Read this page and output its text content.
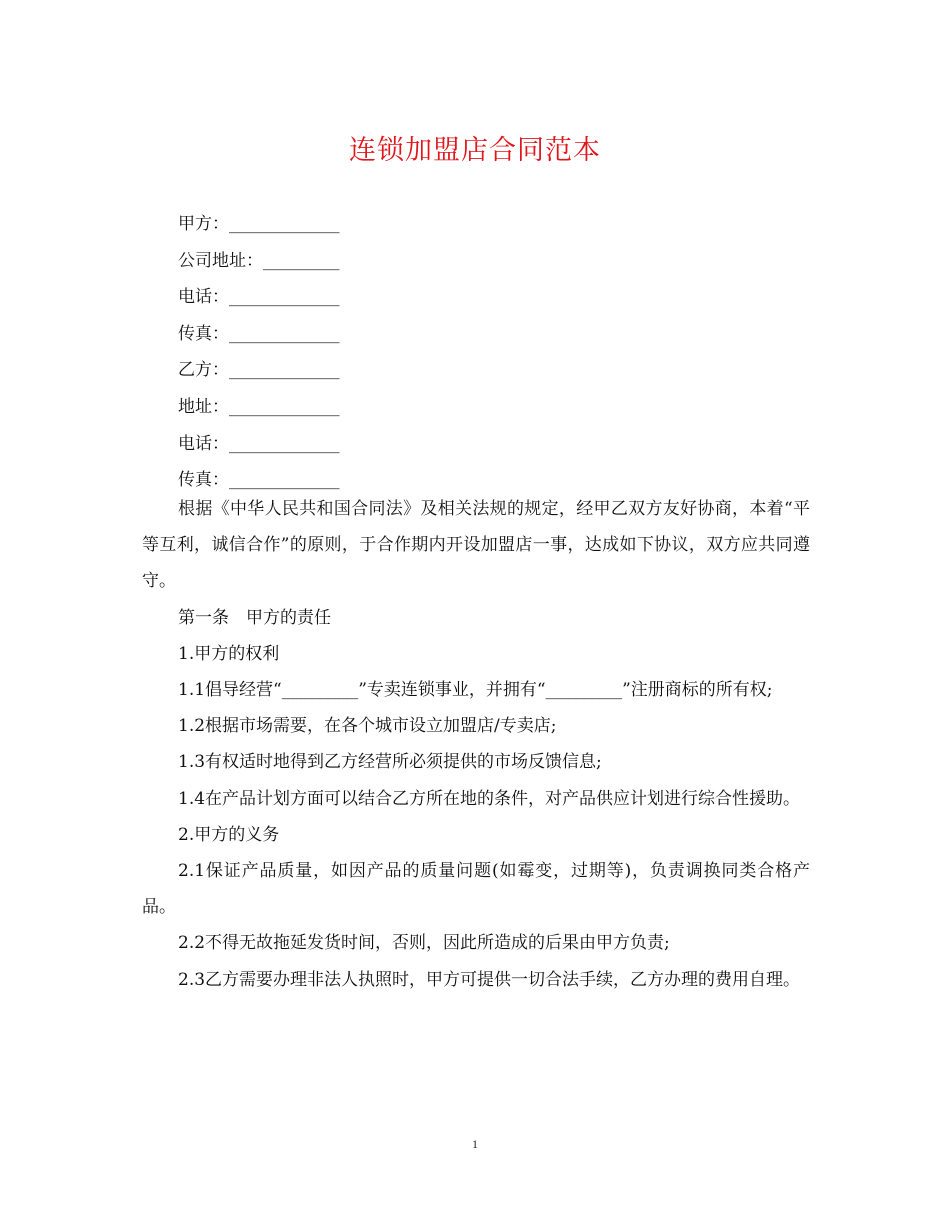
连锁加盟店合同范本
甲方：_____________
公司地址：_________
电话：_____________
传真：_____________
乙方：_____________
地址：_____________
电话：_____________
传真：_____________

根据《中华人民共和国合同法》及相关法规的规定，经甲乙双方友好协商，本着“平等互利，诚信合作”的原则，于合作期内开设加盟店一事，达成如下协议，双方应共同遵守。

第一条　甲方的责任

1.甲方的权利

1.1倡导经营“_________”专卖连锁事业，并拥有“_________”注册商标的所有权;

1.2根据市场需要，在各个城市设立加盟店/专卖店;

1.3有权适时地得到乙方经营所必须提供的市场反馈信息;

1.4在产品计划方面可以结合乙方所在地的条件，对产品供应计划进行综合性援助。

2.甲方的义务

2.1保证产品质量，如因产品的质量问题(如霉变，过期等)，负责调换同类合格产品。

2.2不得无故拖延发货时间，否则，因此所造成的后果由甲方负责;

2.3乙方需要办理非法人执照时，甲方可提供一切合法手续，乙方办理的费用自理。

1
